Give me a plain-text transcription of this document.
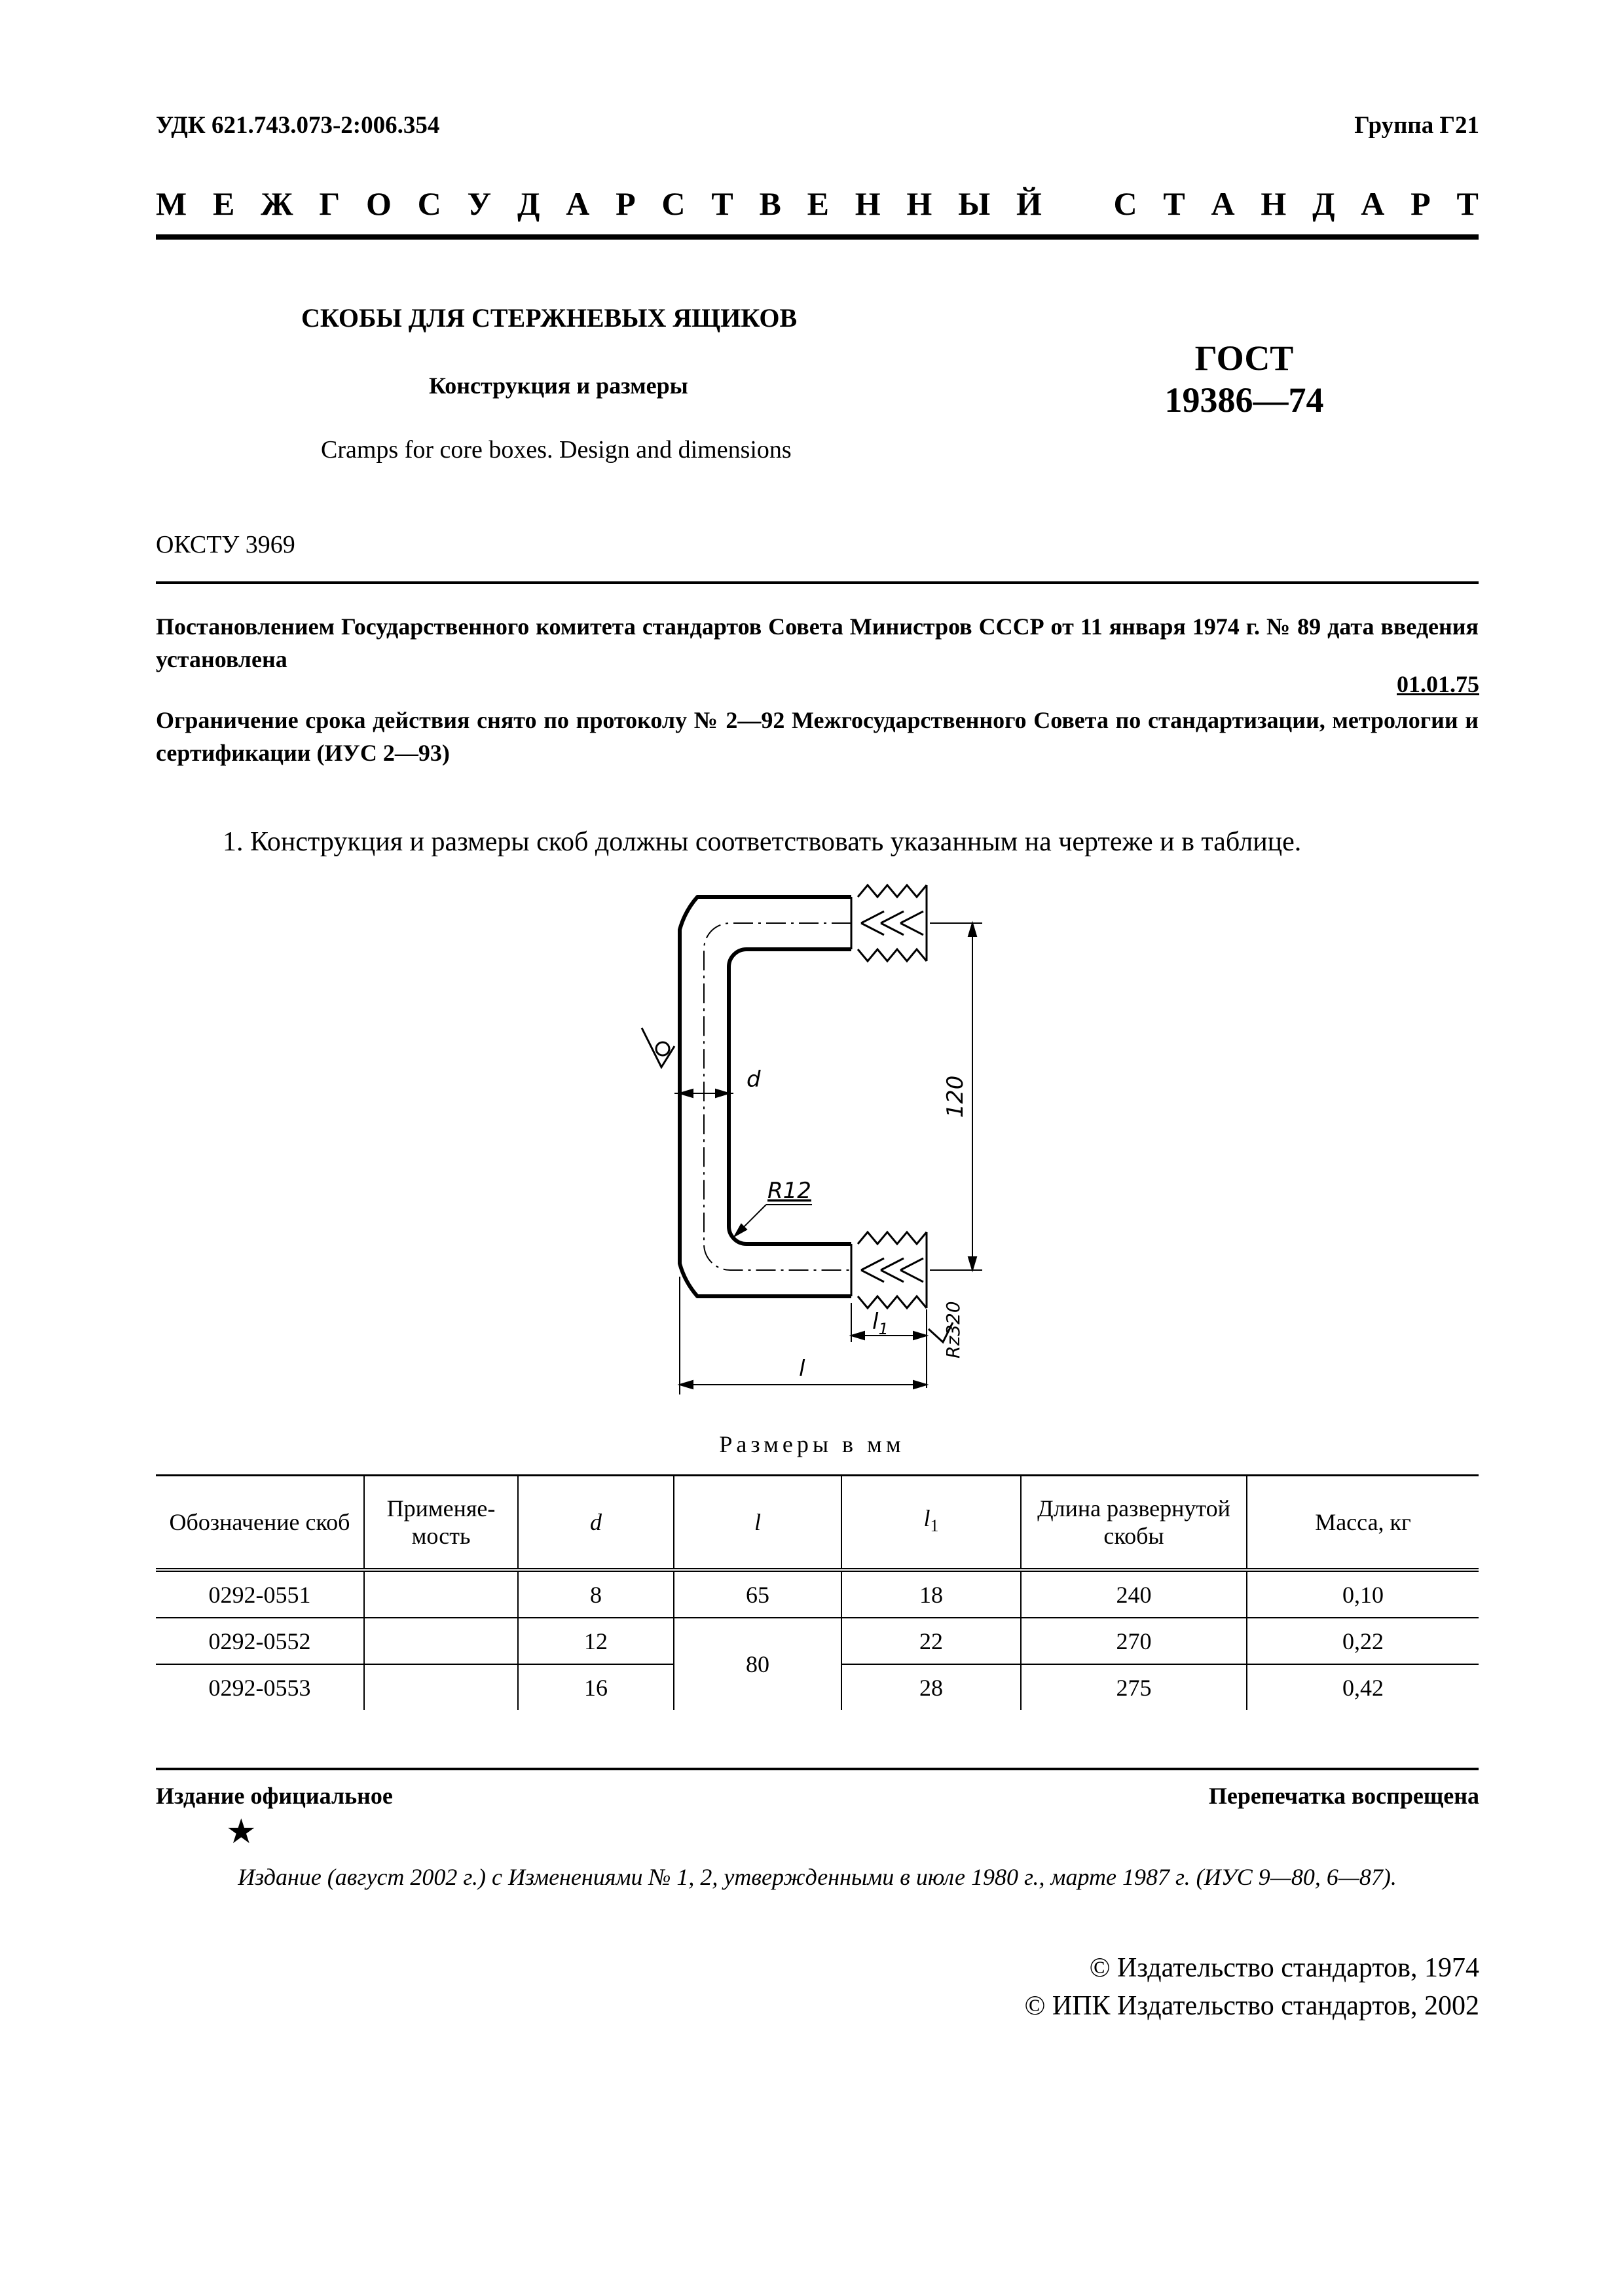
УДК 621.743.073-2:006.354	Группа Г21
М Е Ж Г О С У Д А Р С Т В Е Н Н Ы Й С Т А Н Д А Р Т
СКОБЫ ДЛЯ СТЕРЖНЕВЫХ ЯЩИКОВ
Конструкция и размеры
Cramps for core boxes. Design and dimensions
ГОСТ
19386—74
ОКСТУ 3969
Постановлением Государственного комитета стандартов Совета Министров СССР от 11 января 1974 г. № 89 дата введения установлена
01.01.75
Ограничение срока действия снято по протоколу № 2—92 Межгосударственного Совета по стандартизации, метрологии и сертификации (ИУС 2—93)
1. Конструкция и размеры скоб должны соответствовать указанным на чертеже и в таблице.
d	120
R12
$l_1$
l
Rz320
Размеры в мм
Обозначение скоб	Применяе-мость	d	l	$l_1$	Длина развернутой скобы	Масса, кг
0292-0551		8	65	18	240	0,10
0292-0552		12	80	22	270	0,22
0292-0553		16		28	275	0,42
Издание официальное	Перепечатка воспрещена
★
Издание (август 2002 г.) с Изменениями № 1, 2, утвержденными в июле 1980 г., марте 1987 г. (ИУС 9—80, 6—87).
© Издательство стандартов, 1974
© ИПК Издательство стандартов, 2002
